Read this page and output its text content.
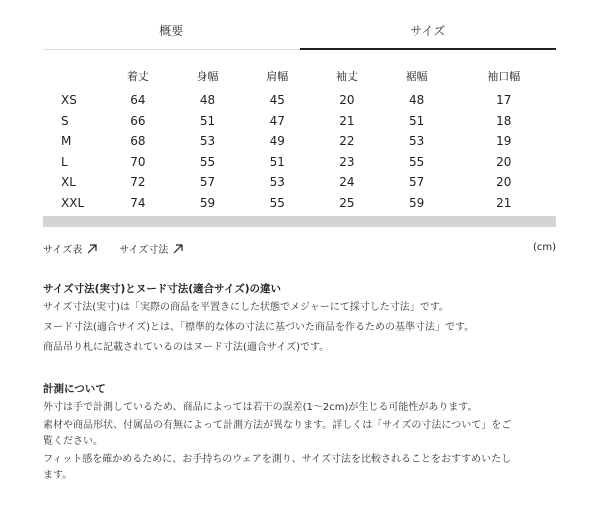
概要	サイズ
	着丈	身幅	肩幅	袖丈	裾幅	袖口幅
XS	64	48	45	20	48	17
S	66	51	47	21	51	18
M	68	53	49	22	53	19
L	70	55	51	23	55	20
XL	72	57	53	24	57	20
XXL	74	59	55	25	59	21
サイズ表	サイズ寸法	(cm)
サイズ寸法(実寸)とヌード寸法(適合サイズ)の違い

サイズ寸法(実寸)は「実際の商品を平置きにした状態でメジャーにて採寸した寸法」です。

ヌード寸法(適合サイズ)とは、「標準的な体の寸法に基づいた商品を作るための基準寸法」です。

商品吊り札に記載されているのはヌード寸法(適合サイズ)です。

計測について

外寸は手で計測しているため、商品によっては若干の誤差(1〜2cm)が生じる可能性があります。

素材や商品形状、付属品の有無によって計測方法が異なります。詳しくは「サイズの寸法について」をご

覧ください。

フィット感を確かめるために、お手持ちのウェアを測り、サイズ寸法を比較されることをおすすめいたし

ます。
